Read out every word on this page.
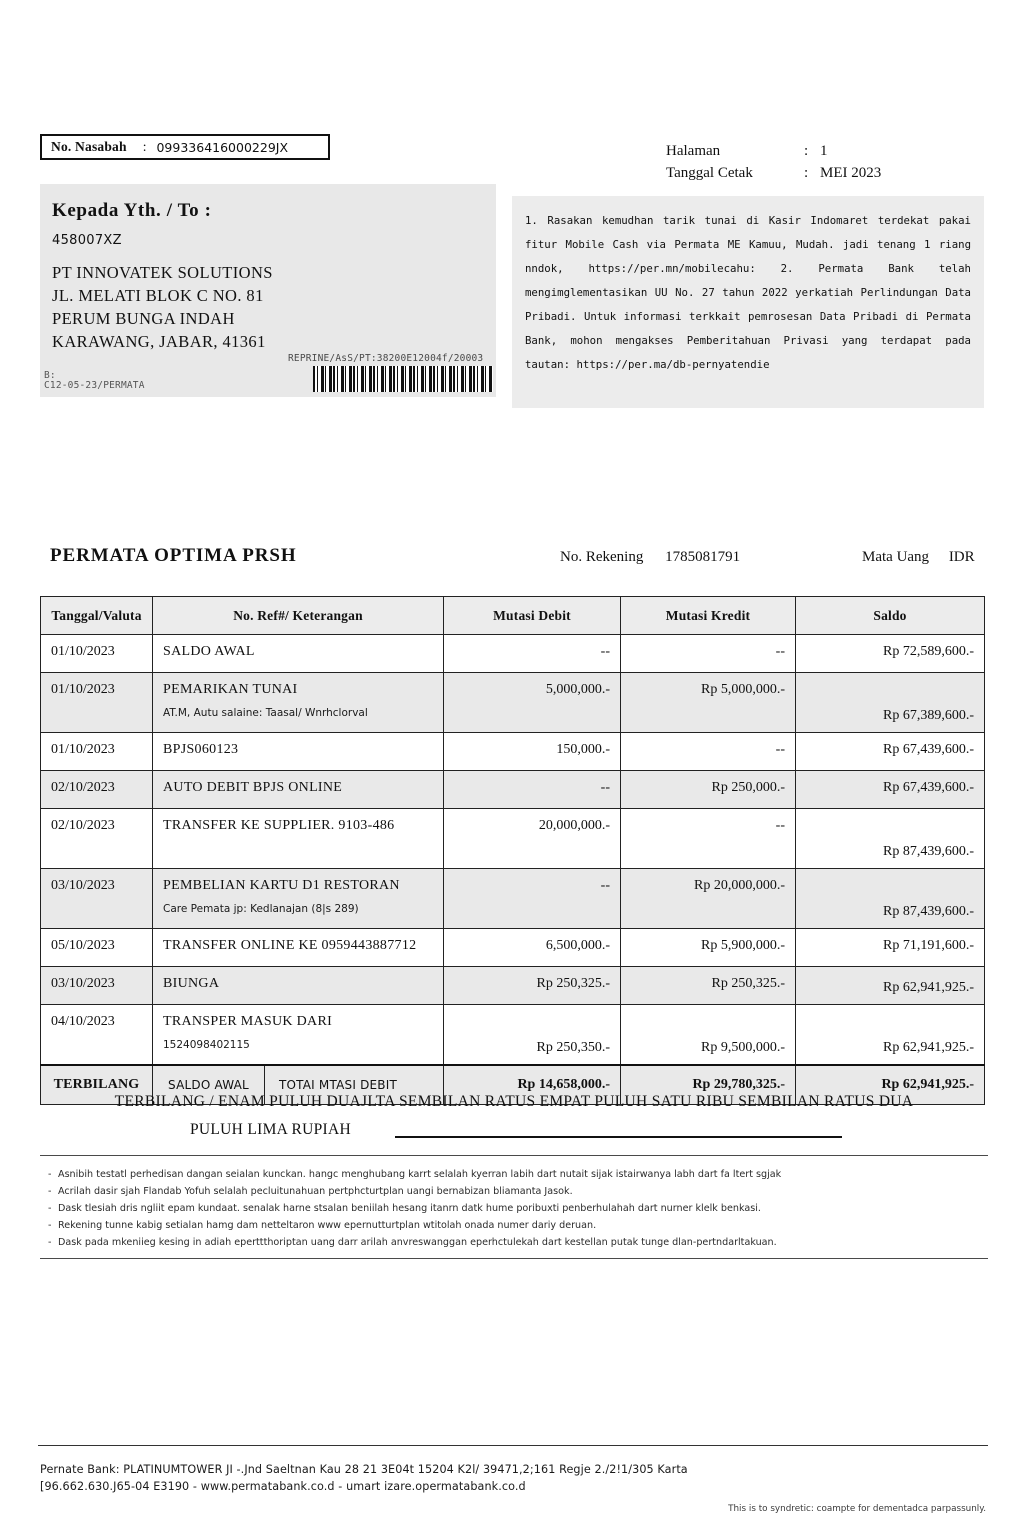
No. Nasabah : 099336416000229JX	Halaman	: 1
Tanggal Cetak	: MEI 2023
Kepada Yth. / To :
458007XZ
PT INNOVATEK SOLUTIONS
JL. MELATI BLOK C NO. 81
PERUM BUNGA INDAH
KARAWANG, JABAR, 41361
REPRINE/AsS/PT:38200E12004f/20003
B:
C12-05-23/PERMATA
1. Rasakan kemudhan tarik tunai di Kasir Indomaret terdekat pakai fitur Mobile Cash via Permata ME Kamuu, Mudah. jadi tenang 1 riang nndok, https://per.mn/mobilecahu: 2. Permata Bank telah mengimglementasikan UU No. 27 tahun 2022 yerkatiah Perlindungan Data Pribadi. Untuk informasi terkkait pemrosesan Data Pribadi di Permata Bank, mohon mengakses Pemberitahuan Privasi yang terdapat pada tautan: https://per.ma/db-pernyatendie
PERMATA OPTIMA PRSH	No. Rekening 1785081791	Mata Uang IDR
Tanggal/Valuta	No. Ref#/ Keterangan	Mutasi Debit	Mutasi Kredit	Saldo
01/10/2023	SALDO AWAL	--	--	Rp 72,589,600.-
01/10/2023	PEMARIKAN TUNAI
AT.M, Autu salaine: Taasal/ Wnrhclorval	5,000,000.-	Rp 5,000,000.-	Rp 67,389,600.-
01/10/2023	BPJS060123	150,000.-	--	Rp 67,439,600.-
02/10/2023	AUTO DEBIT BPJS ONLINE	--	Rp 250,000.-	Rp 67,439,600.-
02/10/2023	TRANSFER KE SUPPLIER. 9103-486	20,000,000.-	--	Rp 87,439,600.-
03/10/2023	PEMBELIAN KARTU D1 RESTORAN
Care Pemata jp: Kedlanajan (8|s 289)	--	Rp 20,000,000.-	Rp 87,439,600.-
05/10/2023	TRANSFER ONLINE KE 0959443887712	6,500,000.-	Rp 5,900,000.-	Rp 71,191,600.-
03/10/2023	BIUNGA	Rp 250,325.-	Rp 250,325.-	Rp 62,941,925.-
04/10/2023	TRANSPER MASUK DARI
1524098402115	Rp 250,350.-	Rp 9,500,000.-	Rp 62,941,925.-
TERBILANG	SALDO AWAL TOTAI MTASI DEBIT	Rp 14,658,000.-	Rp 29,780,325.-	Rp 62,941,925.-
TERBILANG / ENAM PULUH DUAJLTA SEMBILAN RATUS EMPAT PULUH SATU RIBU SEMBILAN RATUS DUA
PULUH LIMA RUPIAH
- Asnibih testatl perhedisan dangan seialan kunckan. hangc menghubang karrt selalah kyerran labih dart nutait sijak istairwanya labh dart fa ltert sgjak
- Acrilah dasir sjah Flandab Yofuh selalah pecluitunahuan pertphcturtplan uangi bernabizan bliamanta Jasok.
- Dask tlesiah dris ngliit epam kundaat. senalak harne stsalan beniilah hesang itanrn datk hume poribuxti penberhulahah dart nurner klelk benkasi.
- Rekening tunne kabig setialan hamg dam netteltaron www epernutturtplan wtitolah onada numer dariy deruan.
- Dask pada mkeniieg kesing in adiah eperttthoriptan uang darr arilah anvreswanggan eperhctulekah dart kestellan putak tunge dlan-pertndarltakuan.
Pernate Bank: PLATINUMTOWER JI -.Jnd Saeltnan Kau 28 21 3E04t 15204 K2l/ 39471,2;161 Regje 2./2!1/305 Karta
[96.662.630.J65-04 E3190 - www.permatabank.co.d - umart izare.opermatabank.co.d
This is to syndretic: coampte for dementadca parpassunly.
